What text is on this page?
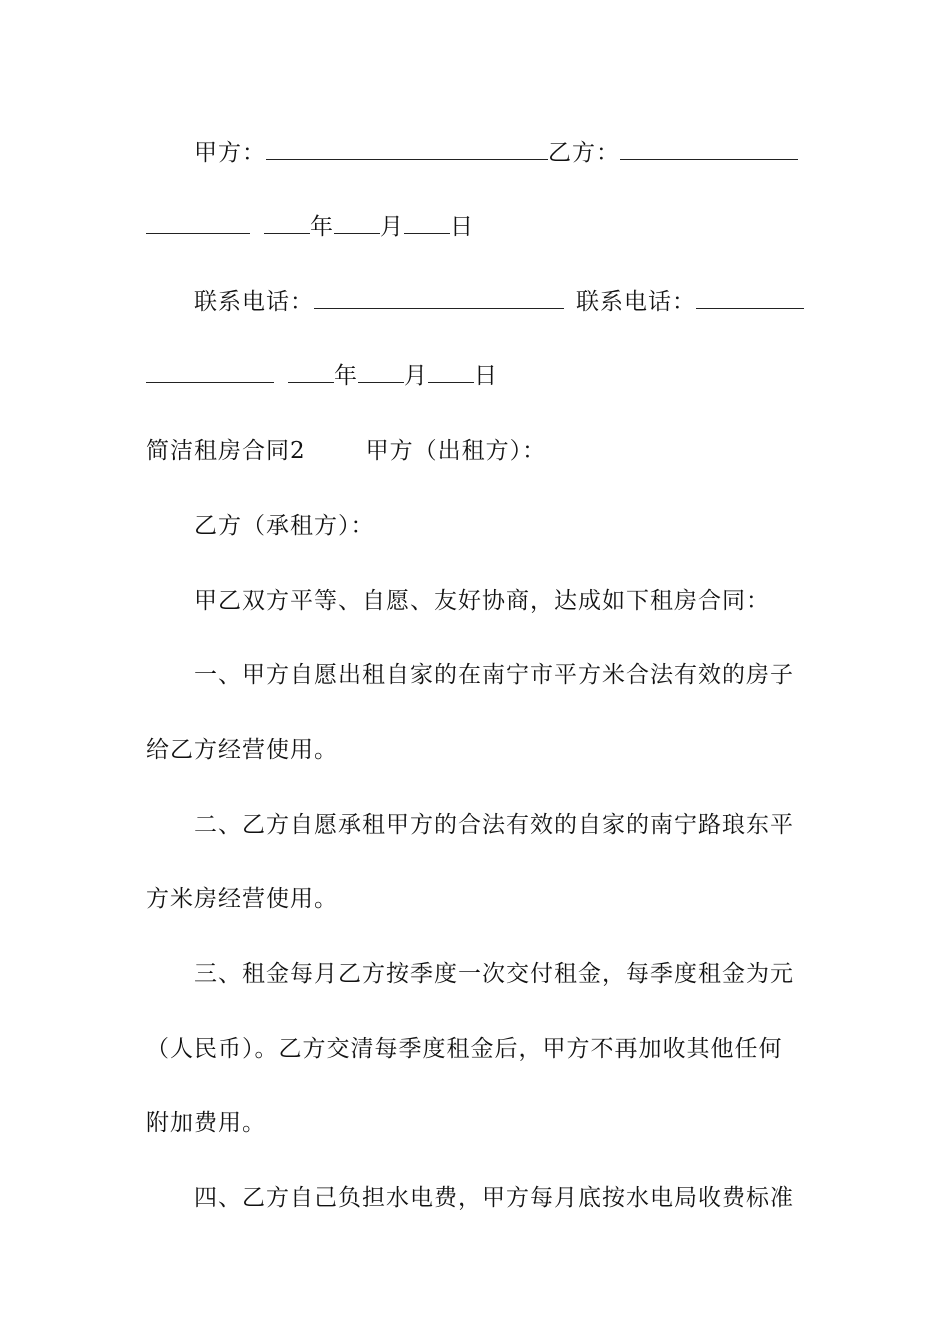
甲方：	乙方：
年 月 日
联系电话：	联系电话：
年 月 日
简洁租房合同2	甲方（出租方）：
乙方（承租方）：
甲乙双方平等、自愿、友好协商，达成如下租房合同：
一、甲方自愿出租自家的在南宁市平方米合法有效的房子
给乙方经营使用。
二、乙方自愿承租甲方的合法有效的自家的南宁路琅东平
方米房经营使用。
三、租金每月乙方按季度一次交付租金，每季度租金为元
（人民币）。乙方交清每季度租金后，甲方不再加收其他任何
附加费用。
四、乙方自己负担水电费，甲方每月底按水电局收费标准
